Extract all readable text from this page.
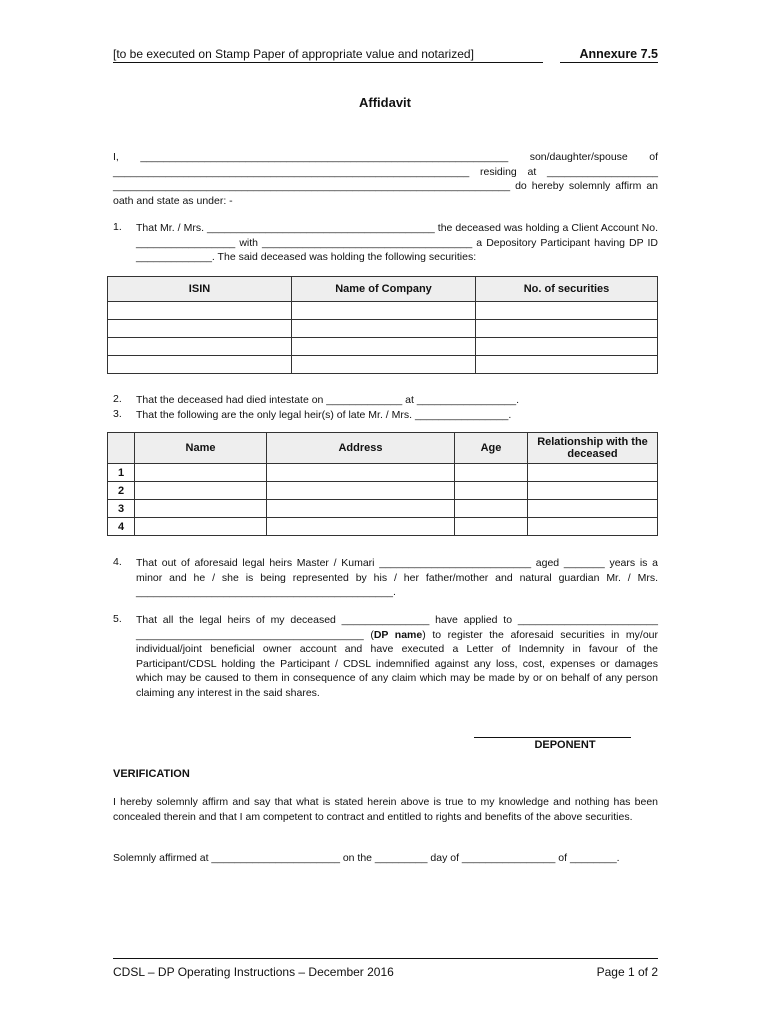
[to be executed on Stamp Paper of appropriate value and notarized]	Annexure 7.5
Affidavit
I, _______________________________________________________________ son/daughter/spouse of _____________________________________________________________ residing at ___________________ ____________________________________________________________________ do hereby solemnly affirm an oath and state as under: -
1. That Mr. / Mrs. _______________________________________ the deceased was holding a Client Account No. _________________ with ____________________________________ a Depository Participant having DP ID _____________. The said deceased was holding the following securities:
ISIN	Name of Company	No. of securities

2. That the deceased had died intestate on _____________ at _________________.
3. That the following are the only legal heir(s) of late Mr. / Mrs. ________________.
	Name	Address	Age	Relationship with the deceased
1				
2				
3				
4				
4. That out of aforesaid legal heirs Master / Kumari __________________________ aged _______ years is a minor and he / she is being represented by his / her father/mother and natural guardian Mr. / Mrs. ____________________________________________.
5. That all the legal heirs of my deceased _______________ have applied to ________________________ _______________________________________ (DP name) to register the aforesaid securities in my/our individual/joint beneficial owner account and have executed a Letter of Indemnity in favour of the Participant/CDSL holding the Participant / CDSL indemnified against any loss, cost, expenses or damages which may be caused to them in consequence of any claim which may be made by or on behalf of any person claiming any interest in the said shares.
DEPONENT
VERIFICATION
I hereby solemnly affirm and say that what is stated herein above is true to my knowledge and nothing has been concealed therein and that I am competent to contract and entitled to rights and benefits of the above securities.
Solemnly affirmed at ______________________ on the _________ day of ________________ of ________.
CDSL – DP Operating Instructions – December 2016	Page 1 of 2
